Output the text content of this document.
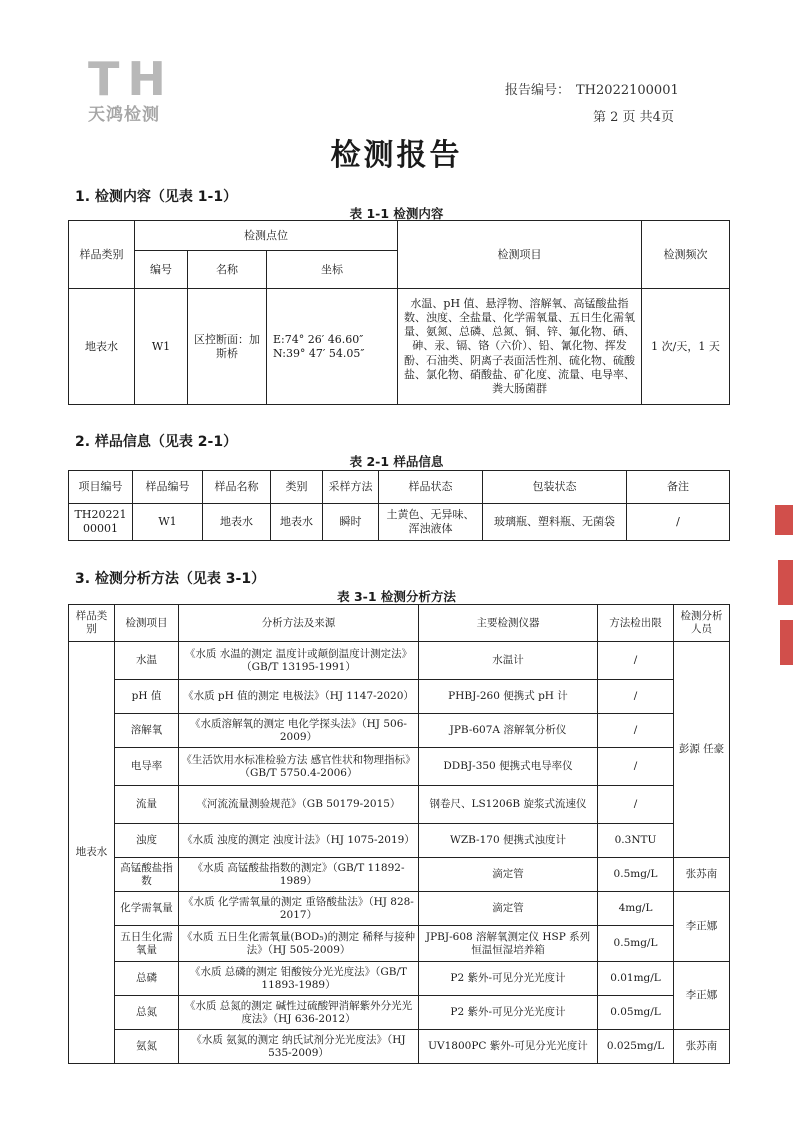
TH
天鸿检测
报告编号： TH2022100001
第 2 页 共4页
检测报告
1. 检测内容（见表 1-1）
表 1-1 检测内容
样品类别	检测点位			检测项目	检测频次
	编号	名称	坐标		
地表水	W1	区控断面：加斯桥	E:74° 26′ 46.60″
N:39° 47′ 54.05″	水温、pH 值、悬浮物、溶解氧、高锰酸盐指数、浊度、全盐量、化学需氧量、五日生化需氧量、氨氮、总磷、总氮、铜、锌、氟化物、硒、砷、汞、镉、铬（六价）、铅、氰化物、挥发酚、石油类、阴离子表面活性剂、硫化物、硫酸盐、氯化物、硝酸盐、矿化度、流量、电导率、粪大肠菌群	1 次/天，1 天
2. 样品信息（见表 2-1）
表 2-1 样品信息
项目编号	样品编号	样品名称	类别	采样方法	样品状态	包装状态	备注
TH2022100001	W1	地表水	地表水	瞬时	土黄色、无异味、浑浊液体	玻璃瓶、塑料瓶、无菌袋	/
3. 检测分析方法（见表 3-1）
表 3-1 检测分析方法
样品类别	检测项目	分析方法及来源	主要检测仪器	方法检出限	检测分析人员
地表水	水温	《水质 水温的测定 温度计或颠倒温度计测定法》（GB/T 13195-1991）	水温计	/	彭源 任豪
	pH 值	《水质 pH 值的测定 电极法》（HJ 1147-2020）	PHBJ-260 便携式 pH 计	/	
	溶解氧	《水质溶解氧的测定 电化学探头法》（HJ 506-2009）	JPB-607A 溶解氧分析仪	/	
	电导率	《生活饮用水标准检验方法 感官性状和物理指标》（GB/T 5750.4-2006）	DDBJ-350 便携式电导率仪	/	
	流量	《河流流量测验规范》（GB 50179-2015）	钢卷尺、LS1206B 旋浆式流速仪	/	
	浊度	《水质 浊度的测定 浊度计法》（HJ 1075-2019）	WZB-170 便携式浊度计	0.3NTU	
	高锰酸盐指数	《水质 高锰酸盐指数的测定》（GB/T 11892-1989）	滴定管	0.5mg/L	张苏南
	化学需氧量	《水质 化学需氧量的测定 重铬酸盐法》（HJ 828-2017）	滴定管	4mg/L	李正娜
	五日生化需氧量	《水质 五日生化需氧量(BOD₅)的测定 稀释与接种法》（HJ 505-2009）	JPBJ-608 溶解氧测定仪 HSP 系列 恒温恒湿培养箱	0.5mg/L	
	总磷	《水质 总磷的测定 钼酸铵分光光度法》（GB/T 11893-1989）	P2 紫外-可见分光光度计	0.01mg/L	李正娜
	总氮	《水质 总氮的测定 碱性过硫酸钾消解紫外分光光度法》（HJ 636-2012）	P2 紫外-可见分光光度计	0.05mg/L	
	氨氮	《水质 氨氮的测定 纳氏试剂分光光度法》（HJ 535-2009）	UV1800PC 紫外-可见分光光度计	0.025mg/L	张苏南
